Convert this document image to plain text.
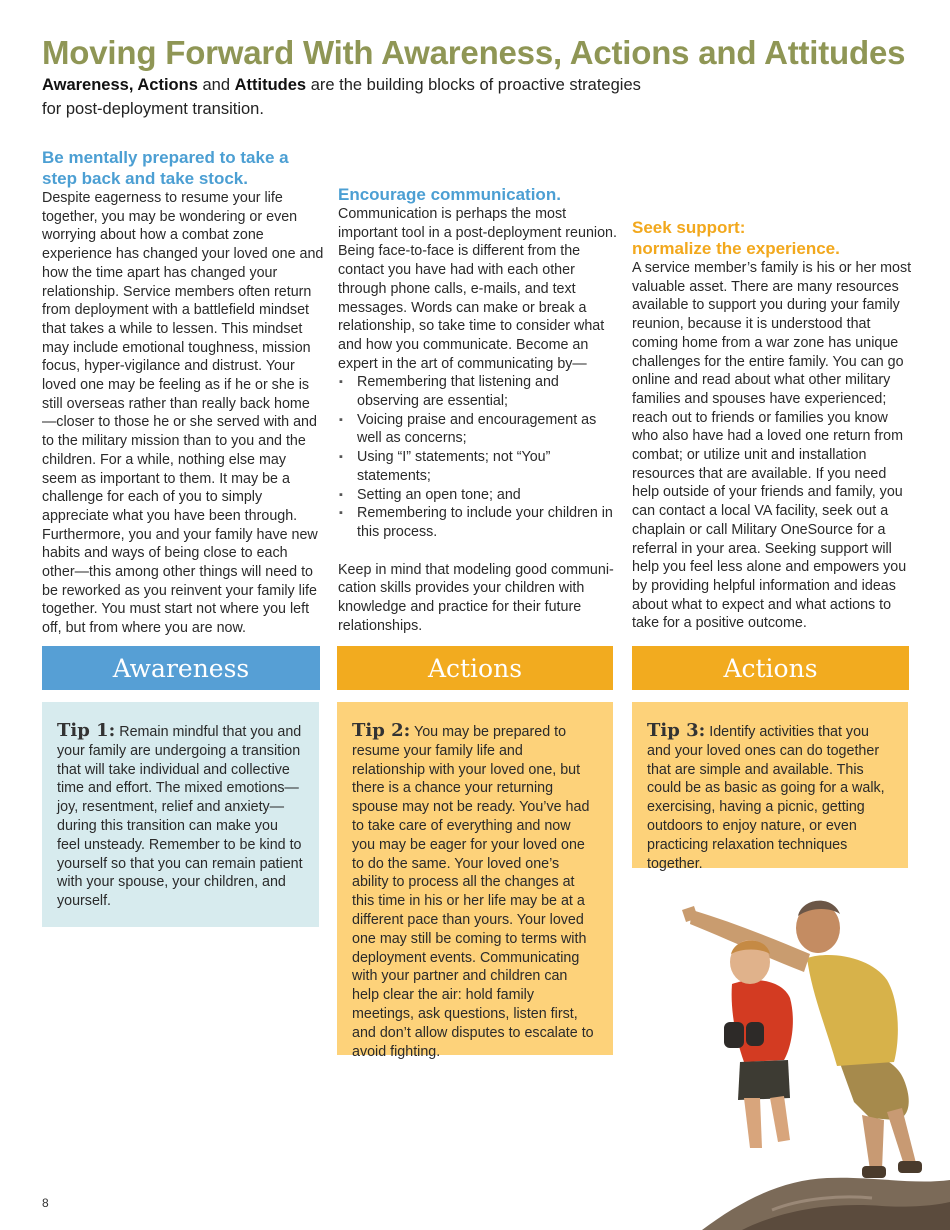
Moving Forward With Awareness, Actions and Attitudes

Awareness, Actions and Attitudes are the building blocks of proactive strategies for post-deployment transition.

Be mentally prepared to take a step back and take stock.

Despite eagerness to resume your life together, you may be wondering or even worrying about how a combat zone experience has changed your loved one and how the time apart has changed your relationship. Service members often return from deployment with a battlefield mindset that takes a while to lessen. This mindset may include emotional toughness, mission focus, hyper-vigilance and distrust. Your loved one may be feeling as if he or she is still overseas rather than really back home—closer to those he or she served with and to the military mission than to you and the children. For a while, nothing else may seem as important to them. It may be a challenge for each of you to simply appreciate what you have been through. Furthermore, you and your family have new habits and ways of being close to each other—this among other things will need to be reworked as you reinvent your family life together. You must start not where you left off, but from where you are now.

Encourage communication.

Communication is perhaps the most important tool in a post-deployment reunion. Being face-to-face is different from the contact you have had with each other through phone calls, e-mails, and text messages. Words can make or break a relationship, so take time to consider what and how you communicate. Become an expert in the art of communicating by—

▪ Remembering that listening and observing are essential;
▪ Voicing praise and encouragement as well as concerns;
▪ Using “I” statements; not “You” statements;
▪ Setting an open tone; and
▪ Remembering to include your children in this process.

Keep in mind that modeling good communi-cation skills provides your children with knowledge and practice for their future relationships.

Seek support:
normalize the experience.

A service member’s family is his or her most valuable asset. There are many resources available to support you during your family reunion, because it is understood that coming home from a war zone has unique challenges for the entire family. You can go online and read about what other military families and spouses have experienced; reach out to friends or families you know who also have had a loved one return from combat; or utilize unit and installation resources that are available. If you need help outside of your friends and family, you can contact a local VA facility, seek out a chaplain or call Military OneSource for a referral in your area. Seeking support will help you feel less alone and empowers you by providing helpful information and ideas about what to expect and what actions to take for a positive outcome.

Awareness	Actions	Actions
Tip 1: Remain mindful that you and your family are undergoing a transition that will take individual and collective time and effort. The mixed emotions—joy, resentment, relief and anxiety—during this transition can make you feel unsteady. Remember to be kind to yourself so that you can remain patient with your spouse, your children, and yourself.
Tip 2: You may be prepared to resume your family life and relationship with your loved one, but there is a chance your returning spouse may not be ready. You’ve had to take care of everything and now you may be eager for your loved one to do the same. Your loved one’s ability to process all the changes at this time in his or her life may be at a different pace than yours. Your loved one may still be coming to terms with deployment events. Communicating with your partner and children can help clear the air: hold family meetings, ask questions, listen first, and don’t allow disputes to escalate to avoid fighting.
Tip 3: Identify activities that you and your loved ones can do together that are simple and available. This could be as basic as going for a walk, exercising, having a picnic, getting outdoors to enjoy nature, or even practicing relaxation techniques together.
8
